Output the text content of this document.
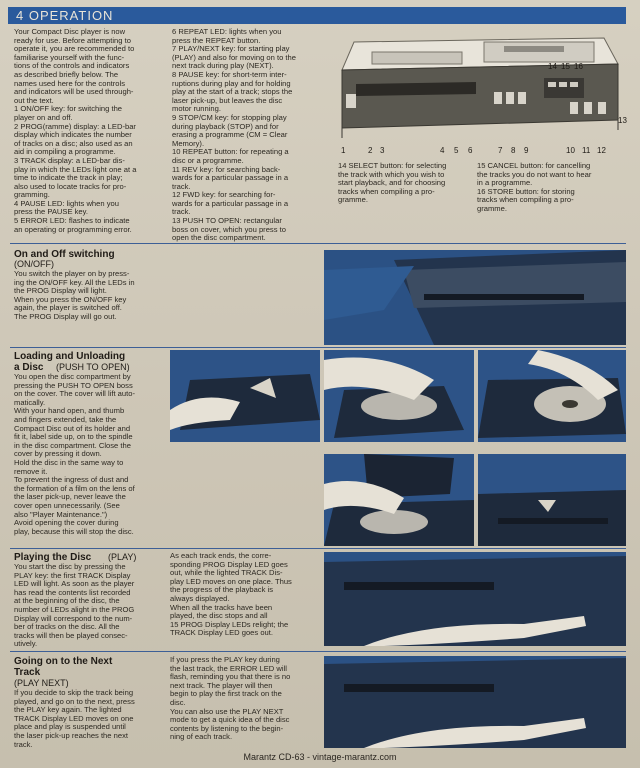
4 OPERATION
Your Compact Disc player is now
ready for use. Before attempting to
operate it, you are recommended to
familiarise yourself with the func-
tions of the controls and indicators
as described briefly below. The
names used here for the controls
and indicators will be used through-
out the text.
1 ON/OFF key: for switching the
player on and off.
2 PROG(ramme) display: a LED-bar
display which indicates the number
of tracks on a disc; also used as an
aid in compiling a programme.
3 TRACK display: a LED-bar dis-
play in which the LEDs light one at a
time to indicate the track in play;
also used to locate tracks for pro-
gramming.
4 PAUSE LED: lights when you
press the PAUSE key.
5 ERROR LED: flashes to indicate
an operating or programming error.
6 REPEAT LED: lights when you
press the REPEAT button.
7 PLAY/NEXT key: for starting play
(PLAY) and also for moving on to the
next track during play (NEXT).
8 PAUSE key: for short-term inter-
ruptions during play and for holding
play at the start of a track; stops the
laser pick-up, but leaves the disc
motor running.
9 STOP/CM key: for stopping play
during playback (STOP) and for
erasing a programme (CM = Clear
Memory).
10 REPEAT button: for repeating a
disc or a programme.
11 REV key: for searching back-
wards for a particular passage in a
track.
12 FWD key: for searching for-
wards for a particular passage in a
track.
13 PUSH TO OPEN: rectangular
boss on cover, which you press to
open the disc compartment.
14 SELECT button: for selecting
the track with which you wish to
start playback, and for choosing
tracks when compiling a pro-
gramme.
15 CANCEL button: for cancelling
the tracks you do not want to hear
in a programme.
16 STORE button: for storing
tracks when compiling a pro-
gramme.
14 15 16
13
1	2 3	4 5 6	7 8 9	10 11 12
On and Off switching
(ON/OFF)
You switch the player on by press-
ing the ON/OFF key. All the LEDs in
the PROG Display will light.
When you press the ON/OFF key
again, the player is switched off.
The PROG Display will go out.
Loading and Unloading
a Disc	(PUSH TO OPEN)
You open the disc compartment by
pressing the PUSH TO OPEN boss
on the cover. The cover will lift auto-
matically.
With your hand open, and thumb
and fingers extended, take the
Compact Disc out of its holder and
fit it, label side up, on to the spindle
in the disc compartment. Close the
cover by pressing it down.
Hold the disc in the same way to
remove it.
To prevent the ingress of dust and
the formation of a film on the lens of
the laser pick-up, never leave the
cover open unnecessarily. (See
also "Player Maintenance.")
Avoid opening the cover during
play, because this will stop the disc.
Playing the Disc	(PLAY)
You start the disc by pressing the
PLAY key: the first TRACK Display
LED will light. As soon as the player
has read the contents list recorded
at the beginning of the disc, the
number of LEDs alight in the PROG
Display will correspond to the num-
ber of tracks on the disc. All the
tracks will then be played consec-
utively.
As each track ends, the corre-
sponding PROG Display LED goes
out, while the lighted TRACK Dis-
play LED moves on one place. Thus
the progress of the playback is
always displayed.
When all the tracks have been
played, the disc stops and all
15 PROG Display LEDs relight; the
TRACK Display LED goes out.
Going on to the Next
Track
(PLAY NEXT)
If you decide to skip the track being
played, and go on to the next, press
the PLAY key again. The lighted
TRACK Display LED moves on one
place and play is suspended until
the laser pick-up reaches the next
track.
If you press the PLAY key during
the last track, the ERROR LED will
flash, reminding you that there is no
next track. The player will then
begin to play the first track on the
disc.
You can also use the PLAY NEXT
mode to get a quick idea of the disc
contents by listening to the begin-
ning of each track.
Marantz CD-63 - vintage-marantz.com
